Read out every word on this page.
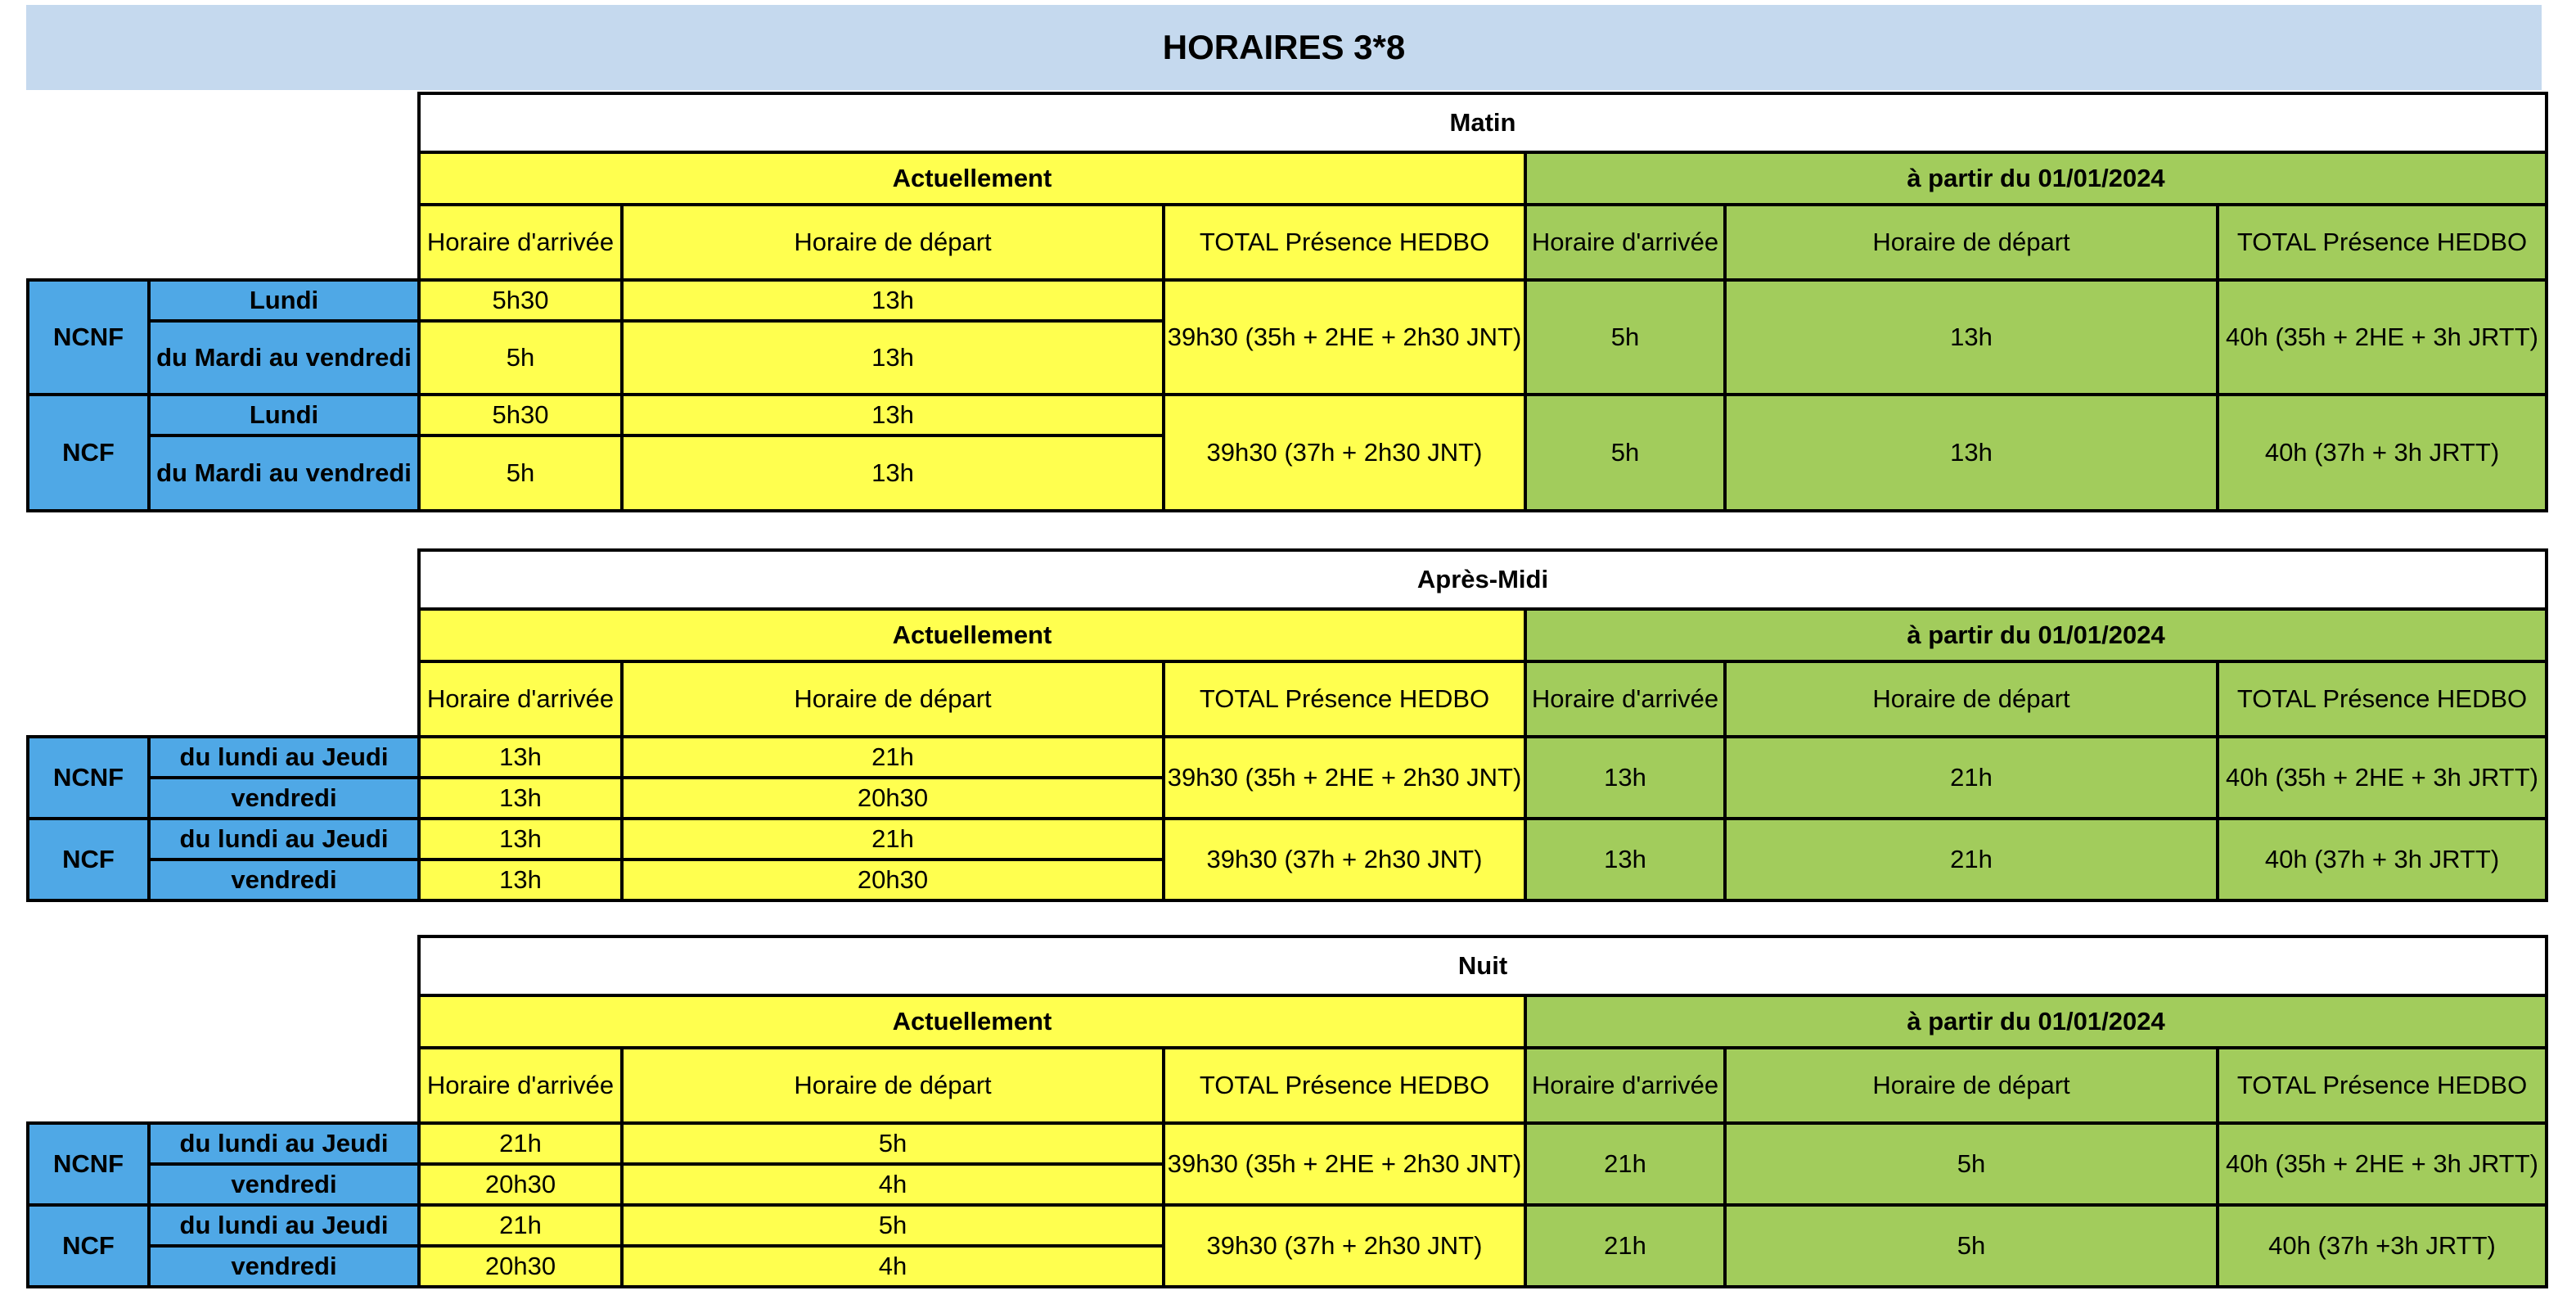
HORAIRES 3*8
		Matin					
		Actuellement			à partir du 01/01/2024		
		Horaire d'arrivée	Horaire de départ	TOTAL Présence HEDBO	Horaire d'arrivée	Horaire de départ	TOTAL Présence HEDBO
NCNF	Lundi	5h30	13h	39h30 (35h + 2HE + 2h30 JNT)	5h	13h	40h (35h + 2HE + 3h JRTT)
	du Mardi au vendredi	5h	13h				
NCF	Lundi	5h30	13h	39h30 (37h + 2h30 JNT)	5h	13h	40h (37h + 3h JRTT)
	du Mardi au vendredi	5h	13h				
		Après-Midi					
		Actuellement			à partir du 01/01/2024		
		Horaire d'arrivée	Horaire de départ	TOTAL Présence HEDBO	Horaire d'arrivée	Horaire de départ	TOTAL Présence HEDBO
NCNF	du lundi au Jeudi	13h	21h	39h30 (35h + 2HE + 2h30 JNT)	13h	21h	40h (35h + 2HE + 3h JRTT)
	vendredi	13h	20h30				
NCF	du lundi au Jeudi	13h	21h	39h30 (37h + 2h30 JNT)	13h	21h	40h (37h + 3h JRTT)
	vendredi	13h	20h30				
		Nuit					
		Actuellement			à partir du 01/01/2024		
		Horaire d'arrivée	Horaire de départ	TOTAL Présence HEDBO	Horaire d'arrivée	Horaire de départ	TOTAL Présence HEDBO
NCNF	du lundi au Jeudi	21h	5h	39h30 (35h + 2HE + 2h30 JNT)	21h	5h	40h (35h + 2HE + 3h JRTT)
	vendredi	20h30	4h				
NCF	du lundi au Jeudi	21h	5h	39h30 (37h + 2h30 JNT)	21h	5h	40h (37h +3h JRTT)
	vendredi	20h30	4h				
